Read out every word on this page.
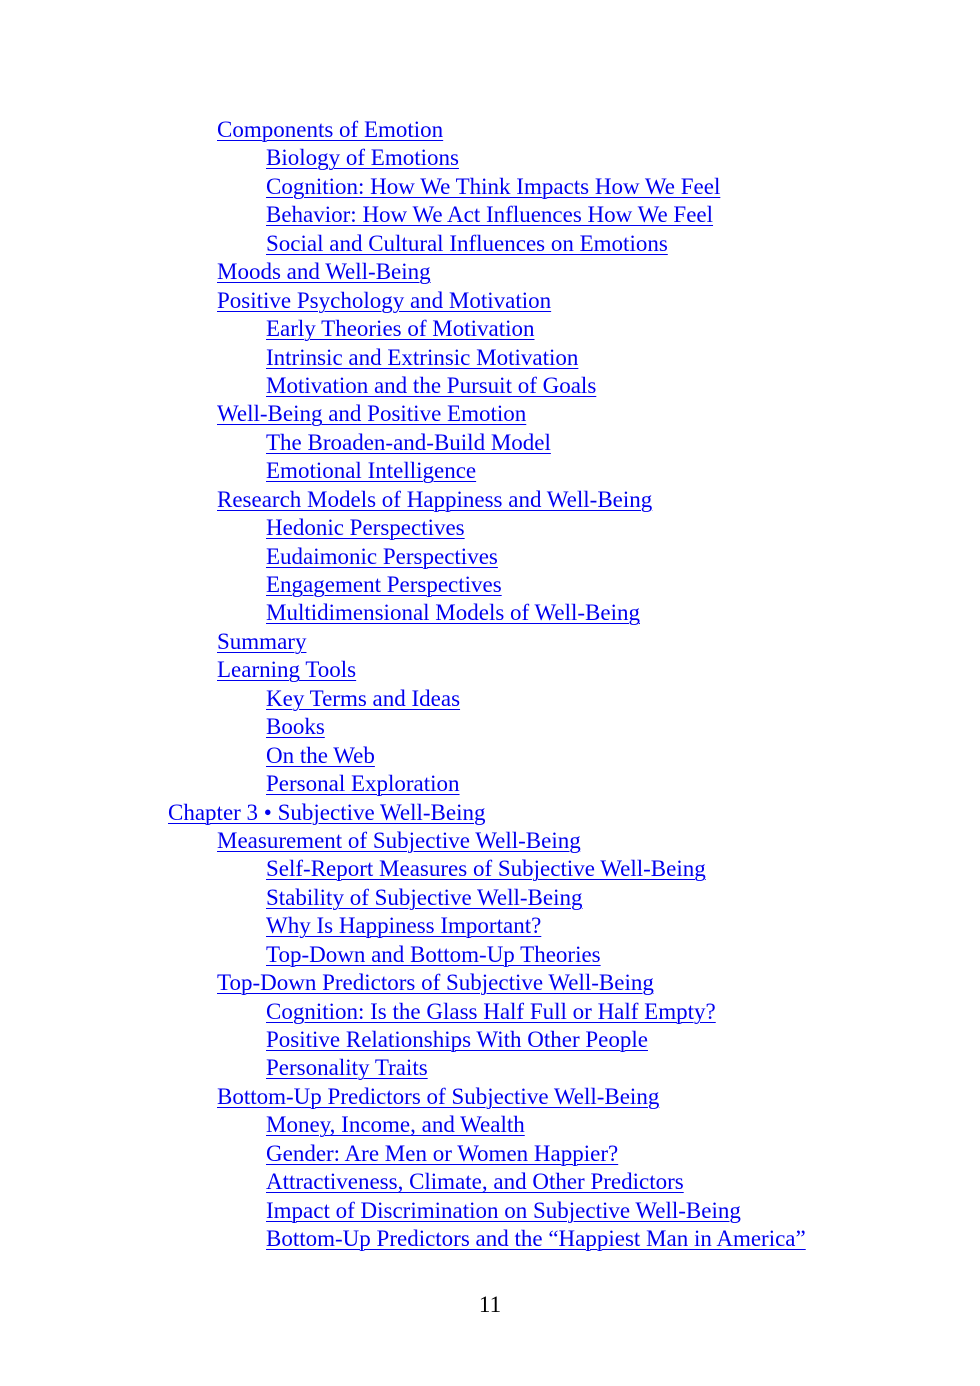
Components of Emotion
Biology of Emotions
Cognition: How We Think Impacts How We Feel
Behavior: How We Act Influences How We Feel
Social and Cultural Influences on Emotions
Moods and Well-Being
Positive Psychology and Motivation
Early Theories of Motivation
Intrinsic and Extrinsic Motivation
Motivation and the Pursuit of Goals
Well-Being and Positive Emotion
The Broaden-and-Build Model
Emotional Intelligence
Research Models of Happiness and Well-Being
Hedonic Perspectives
Eudaimonic Perspectives
Engagement Perspectives
Multidimensional Models of Well-Being
Summary
Learning Tools
Key Terms and Ideas
Books
On the Web
Personal Exploration
Chapter 3 • Subjective Well-Being
Measurement of Subjective Well-Being
Self-Report Measures of Subjective Well-Being
Stability of Subjective Well-Being
Why Is Happiness Important?
Top-Down and Bottom-Up Theories
Top-Down Predictors of Subjective Well-Being
Cognition: Is the Glass Half Full or Half Empty?
Positive Relationships With Other People
Personality Traits
Bottom-Up Predictors of Subjective Well-Being
Money, Income, and Wealth
Gender: Are Men or Women Happier?
Attractiveness, Climate, and Other Predictors
Impact of Discrimination on Subjective Well-Being
Bottom-Up Predictors and the “Happiest Man in America”
11
